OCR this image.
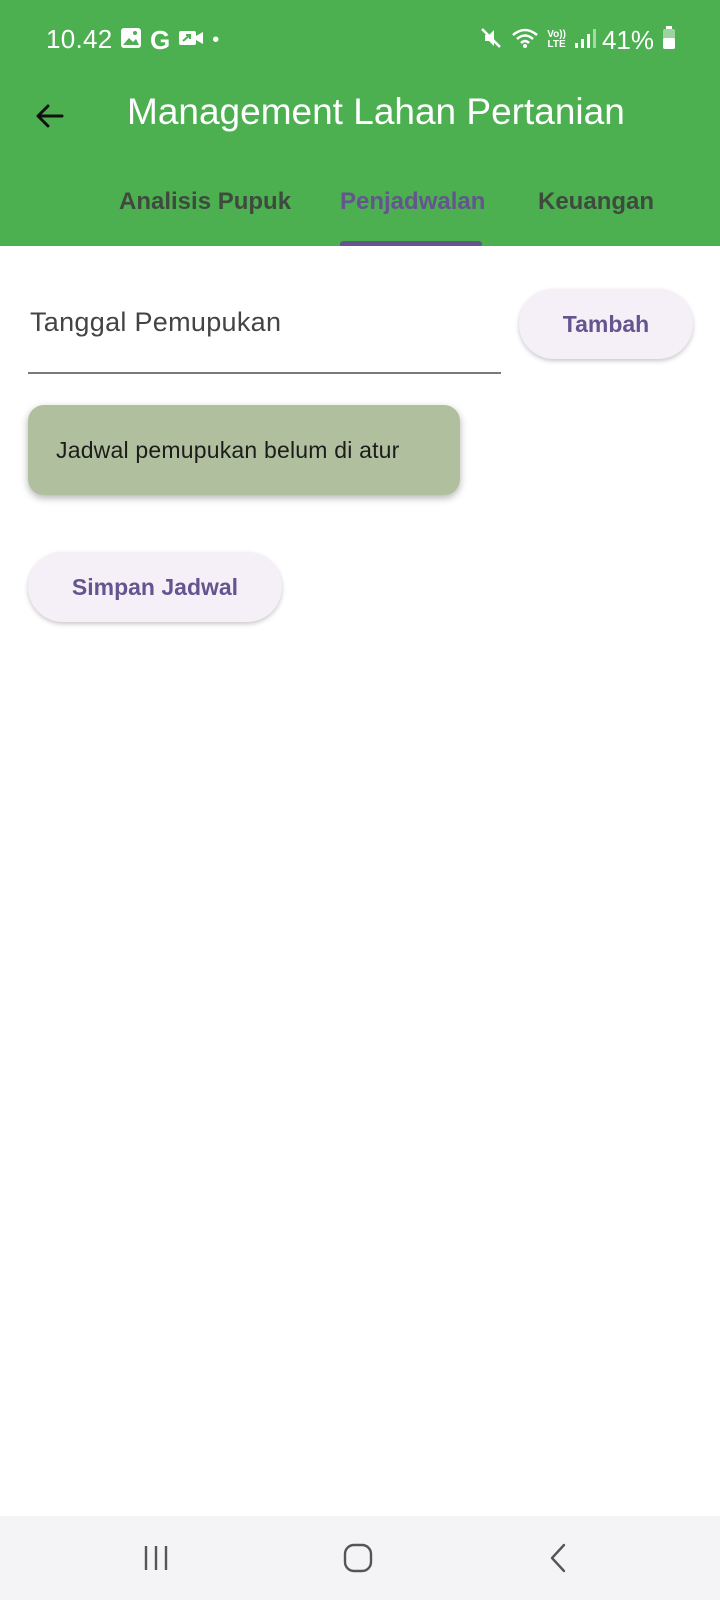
10.42 G •	Vo))
LTE 41%
Management Lahan Pertanian
Analisis Pupuk Penjadwalan Keuangan
Tanggal Pemupukan	Tambah
Jadwal pemupukan belum di atur
Simpan Jadwal
